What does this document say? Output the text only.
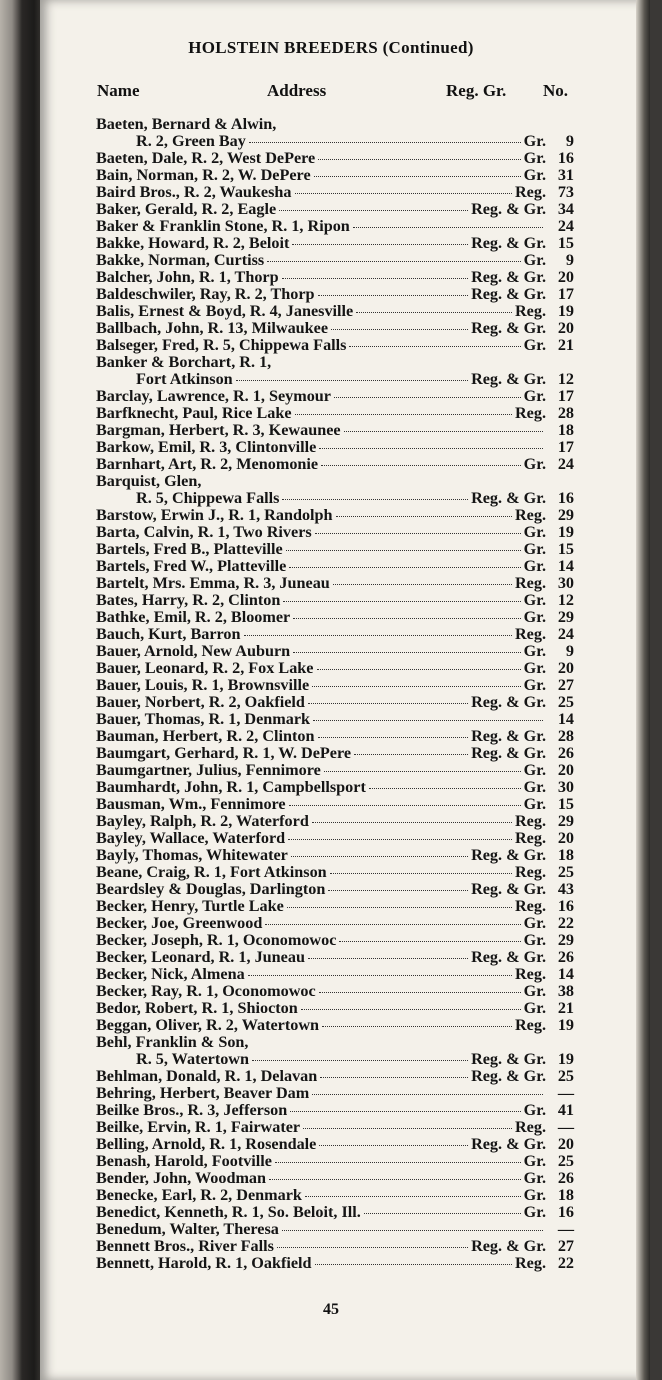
HOLSTEIN BREEDERS (Continued)
Name	Address	Reg. Gr. No.
Baeten, Bernard & Alwin,
R. 2, Green Bay	Gr.	9
Baeten, Dale, R. 2, West DePere	Gr. 16
Bain, Norman, R. 2, W. DePere	Gr. 31
Baird Bros., R. 2, Waukesha	Reg. 73
Baker, Gerald, R. 2, Eagle	Reg. & Gr. 34
Baker & Franklin Stone, R. 1, Ripon	24
Bakke, Howard, R. 2, Beloit	Reg. & Gr. 15
Bakke, Norman, Curtiss	Gr.	9
Balcher, John, R. 1, Thorp	Reg. & Gr. 20
Baldeschwiler, Ray, R. 2, Thorp	Reg. & Gr. 17
Balis, Ernest & Boyd, R. 4, Janesville	Reg. 19
Ballbach, John, R. 13, Milwaukee	Reg. & Gr. 20
Balseger, Fred, R. 5, Chippewa Falls	Gr. 21
Banker & Borchart, R. 1,
Fort Atkinson	Reg. & Gr. 12
Barclay, Lawrence, R. 1, Seymour	Gr. 17
Barfknecht, Paul, Rice Lake	Reg. 28
Bargman, Herbert, R. 3, Kewaunee	18
Barkow, Emil, R. 3, Clintonville	17
Barnhart, Art, R. 2, Menomonie	Gr. 24
Barquist, Glen,
R. 5, Chippewa Falls	Reg. & Gr. 16
Barstow, Erwin J., R. 1, Randolph	Reg. 29
Barta, Calvin, R. 1, Two Rivers	Gr. 19
Bartels, Fred B., Platteville	Gr. 15
Bartels, Fred W., Platteville	Gr. 14
Bartelt, Mrs. Emma, R. 3, Juneau	Reg. 30
Bates, Harry, R. 2, Clinton	Gr. 12
Bathke, Emil, R. 2, Bloomer	Gr. 29
Bauch, Kurt, Barron	Reg. 24
Bauer, Arnold, New Auburn	Gr.	9
Bauer, Leonard, R. 2, Fox Lake	Gr. 20
Bauer, Louis, R. 1, Brownsville	Gr. 27
Bauer, Norbert, R. 2, Oakfield	Reg. & Gr. 25
Bauer, Thomas, R. 1, Denmark	14
Bauman, Herbert, R. 2, Clinton	Reg. & Gr. 28
Baumgart, Gerhard, R. 1, W. DePere	Reg. & Gr. 26
Baumgartner, Julius, Fennimore	Gr. 20
Baumhardt, John, R. 1, Campbellsport	Gr. 30
Bausman, Wm., Fennimore	Gr. 15
Bayley, Ralph, R. 2, Waterford	Reg. 29
Bayley, Wallace, Waterford	Reg. 20
Bayly, Thomas, Whitewater	Reg. & Gr. 18
Beane, Craig, R. 1, Fort Atkinson	Reg. 25
Beardsley & Douglas, Darlington	Reg. & Gr. 43
Becker, Henry, Turtle Lake	Reg. 16
Becker, Joe, Greenwood	Gr. 22
Becker, Joseph, R. 1, Oconomowoc	Gr. 29
Becker, Leonard, R. 1, Juneau	Reg. & Gr. 26
Becker, Nick, Almena	Reg. 14
Becker, Ray, R. 1, Oconomowoc	Gr. 38
Bedor, Robert, R. 1, Shiocton	Gr. 21
Beggan, Oliver, R. 2, Watertown	Reg. 19
Behl, Franklin & Son,
R. 5, Watertown	Reg. & Gr. 19
Behlman, Donald, R. 1, Delavan	Reg. & Gr. 25
Behring, Herbert, Beaver Dam	—
Beilke Bros., R. 3, Jefferson	Gr. 41
Beilke, Ervin, R. 1, Fairwater	Reg. —
Belling, Arnold, R. 1, Rosendale	Reg. & Gr. 20
Benash, Harold, Footville	Gr. 25
Bender, John, Woodman	Gr. 26
Benecke, Earl, R. 2, Denmark	Gr. 18
Benedict, Kenneth, R. 1, So. Beloit, Ill.	Gr. 16
Benedum, Walter, Theresa	—
Bennett Bros., River Falls	Reg. & Gr. 27
Bennett, Harold, R. 1, Oakfield	Reg. 22
45
